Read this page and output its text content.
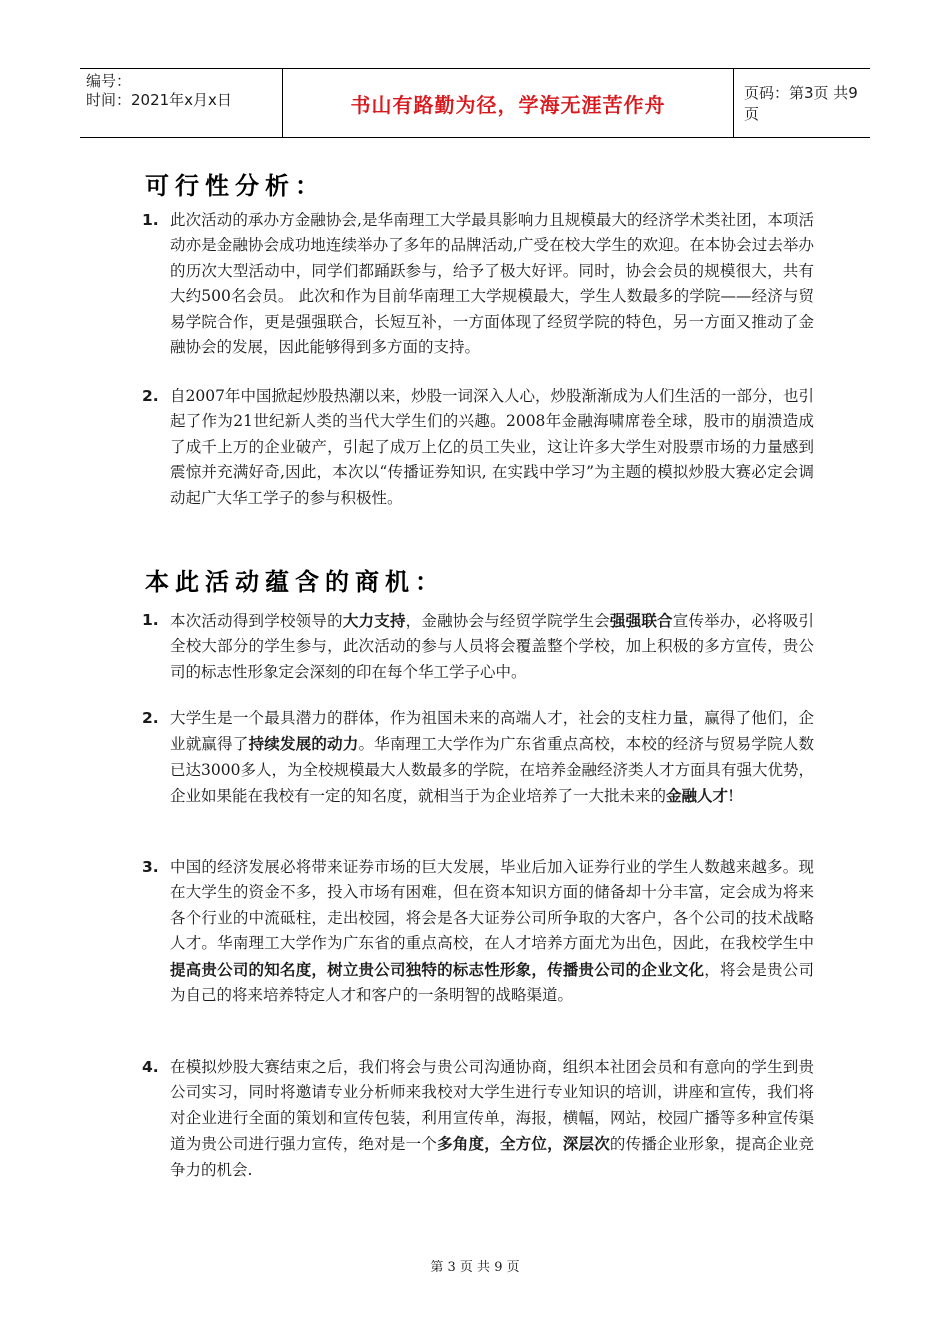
编号：
时间：2021年x月x日	书山有路勤为径，学海无涯苦作舟	页码：第3页 共9页
可行性分析：
1. 此次活动的承办方金融协会,是华南理工大学最具影响力且规模最大的经济学术类社团，本项活动亦是金融协会成功地连续举办了多年的品牌活动,广受在校大学生的欢迎。在本协会过去举办的历次大型活动中，同学们都踊跃参与，给予了极大好评。同时，协会会员的规模很大，共有大约500名会员。 此次和作为目前华南理工大学规模最大，学生人数最多的学院——经济与贸易学院合作，更是强强联合，长短互补，一方面体现了经贸学院的特色，另一方面又推动了金融协会的发展，因此能够得到多方面的支持。
2. 自2007年中国掀起炒股热潮以来，炒股一词深入人心，炒股渐渐成为人们生活的一部分，也引起了作为21世纪新人类的当代大学生们的兴趣。2008年金融海啸席卷全球，股市的崩溃造成了成千上万的企业破产，引起了成万上亿的员工失业，这让许多大学生对股票市场的力量感到震惊并充满好奇,因此，本次以“传播证券知识, 在实践中学习”为主题的模拟炒股大赛必定会调动起广大华工学子的参与积极性。
本此活动蕴含的商机：
1. 本次活动得到学校领导的大力支持，金融协会与经贸学院学生会强强联合宣传举办，必将吸引全校大部分的学生参与，此次活动的参与人员将会覆盖整个学校，加上积极的多方宣传，贵公司的标志性形象定会深刻的印在每个华工学子心中。
2. 大学生是一个最具潜力的群体，作为祖国未来的高端人才，社会的支柱力量，赢得了他们，企业就赢得了持续发展的动力。华南理工大学作为广东省重点高校，本校的经济与贸易学院人数已达3000多人，为全校规模最大人数最多的学院，在培养金融经济类人才方面具有强大优势，企业如果能在我校有一定的知名度，就相当于为企业培养了一大批未来的金融人才!
3. 中国的经济发展必将带来证券市场的巨大发展，毕业后加入证券行业的学生人数越来越多。现在大学生的资金不多，投入市场有困难，但在资本知识方面的储备却十分丰富，定会成为将来各个行业的中流砥柱，走出校园，将会是各大证券公司所争取的大客户，各个公司的技术战略人才。华南理工大学作为广东省的重点高校，在人才培养方面尤为出色，因此，在我校学生中提高贵公司的知名度，树立贵公司独特的标志性形象，传播贵公司的企业文化，将会是贵公司为自己的将来培养特定人才和客户的一条明智的战略渠道。
4. 在模拟炒股大赛结束之后，我们将会与贵公司沟通协商，组织本社团会员和有意向的学生到贵公司实习，同时将邀请专业分析师来我校对大学生进行专业知识的培训，讲座和宣传，我们将对企业进行全面的策划和宣传包装，利用宣传单，海报，横幅，网站，校园广播等多种宣传渠道为贵公司进行强力宣传，绝对是一个多角度，全方位，深层次的传播企业形象，提高企业竞争力的机会.
第 3 页 共 9 页
